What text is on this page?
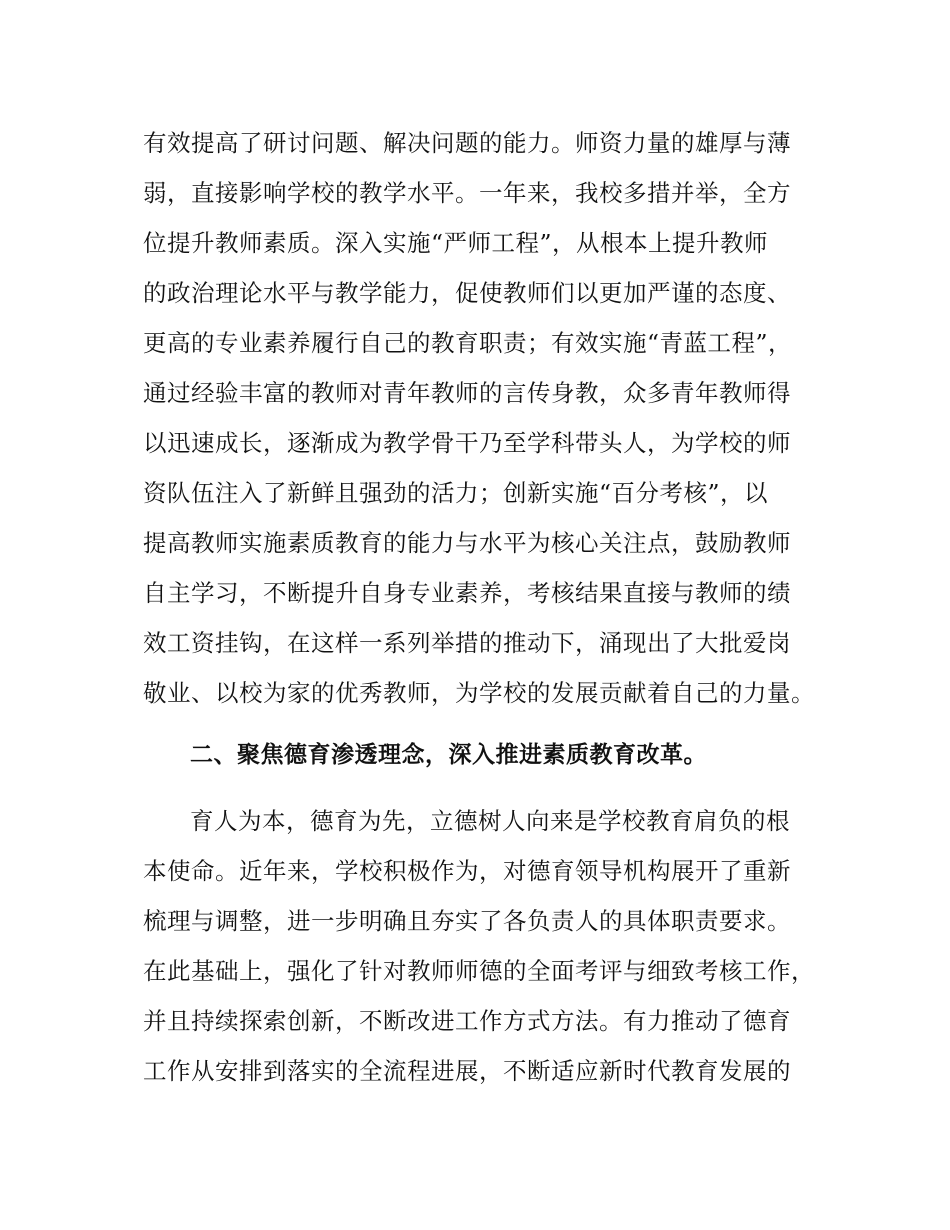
有效提高了研讨问题、解决问题的能力。师资力量的雄厚与薄
弱，直接影响学校的教学水平。一年来，我校多措并举，全方
位提升教师素质。深入实施“严师工程”，从根本上提升教师
的政治理论水平与教学能力，促使教师们以更加严谨的态度、
更高的专业素养履行自己的教育职责；有效实施“青蓝工程”，
通过经验丰富的教师对青年教师的言传身教，众多青年教师得
以迅速成长，逐渐成为教学骨干乃至学科带头人，为学校的师
资队伍注入了新鲜且强劲的活力；创新实施“百分考核”，以
提高教师实施素质教育的能力与水平为核心关注点，鼓励教师
自主学习，不断提升自身专业素养，考核结果直接与教师的绩
效工资挂钩，在这样一系列举措的推动下，涌现出了大批爱岗
敬业、以校为家的优秀教师，为学校的发展贡献着自己的力量。
二、聚焦德育渗透理念，深入推进素质教育改革。
育人为本，德育为先，立德树人向来是学校教育肩负的根
本使命。近年来，学校积极作为，对德育领导机构展开了重新
梳理与调整，进一步明确且夯实了各负责人的具体职责要求。
在此基础上，强化了针对教师师德的全面考评与细致考核工作，
并且持续探索创新，不断改进工作方式方法。有力推动了德育
工作从安排到落实的全流程进展，不断适应新时代教育发展的
